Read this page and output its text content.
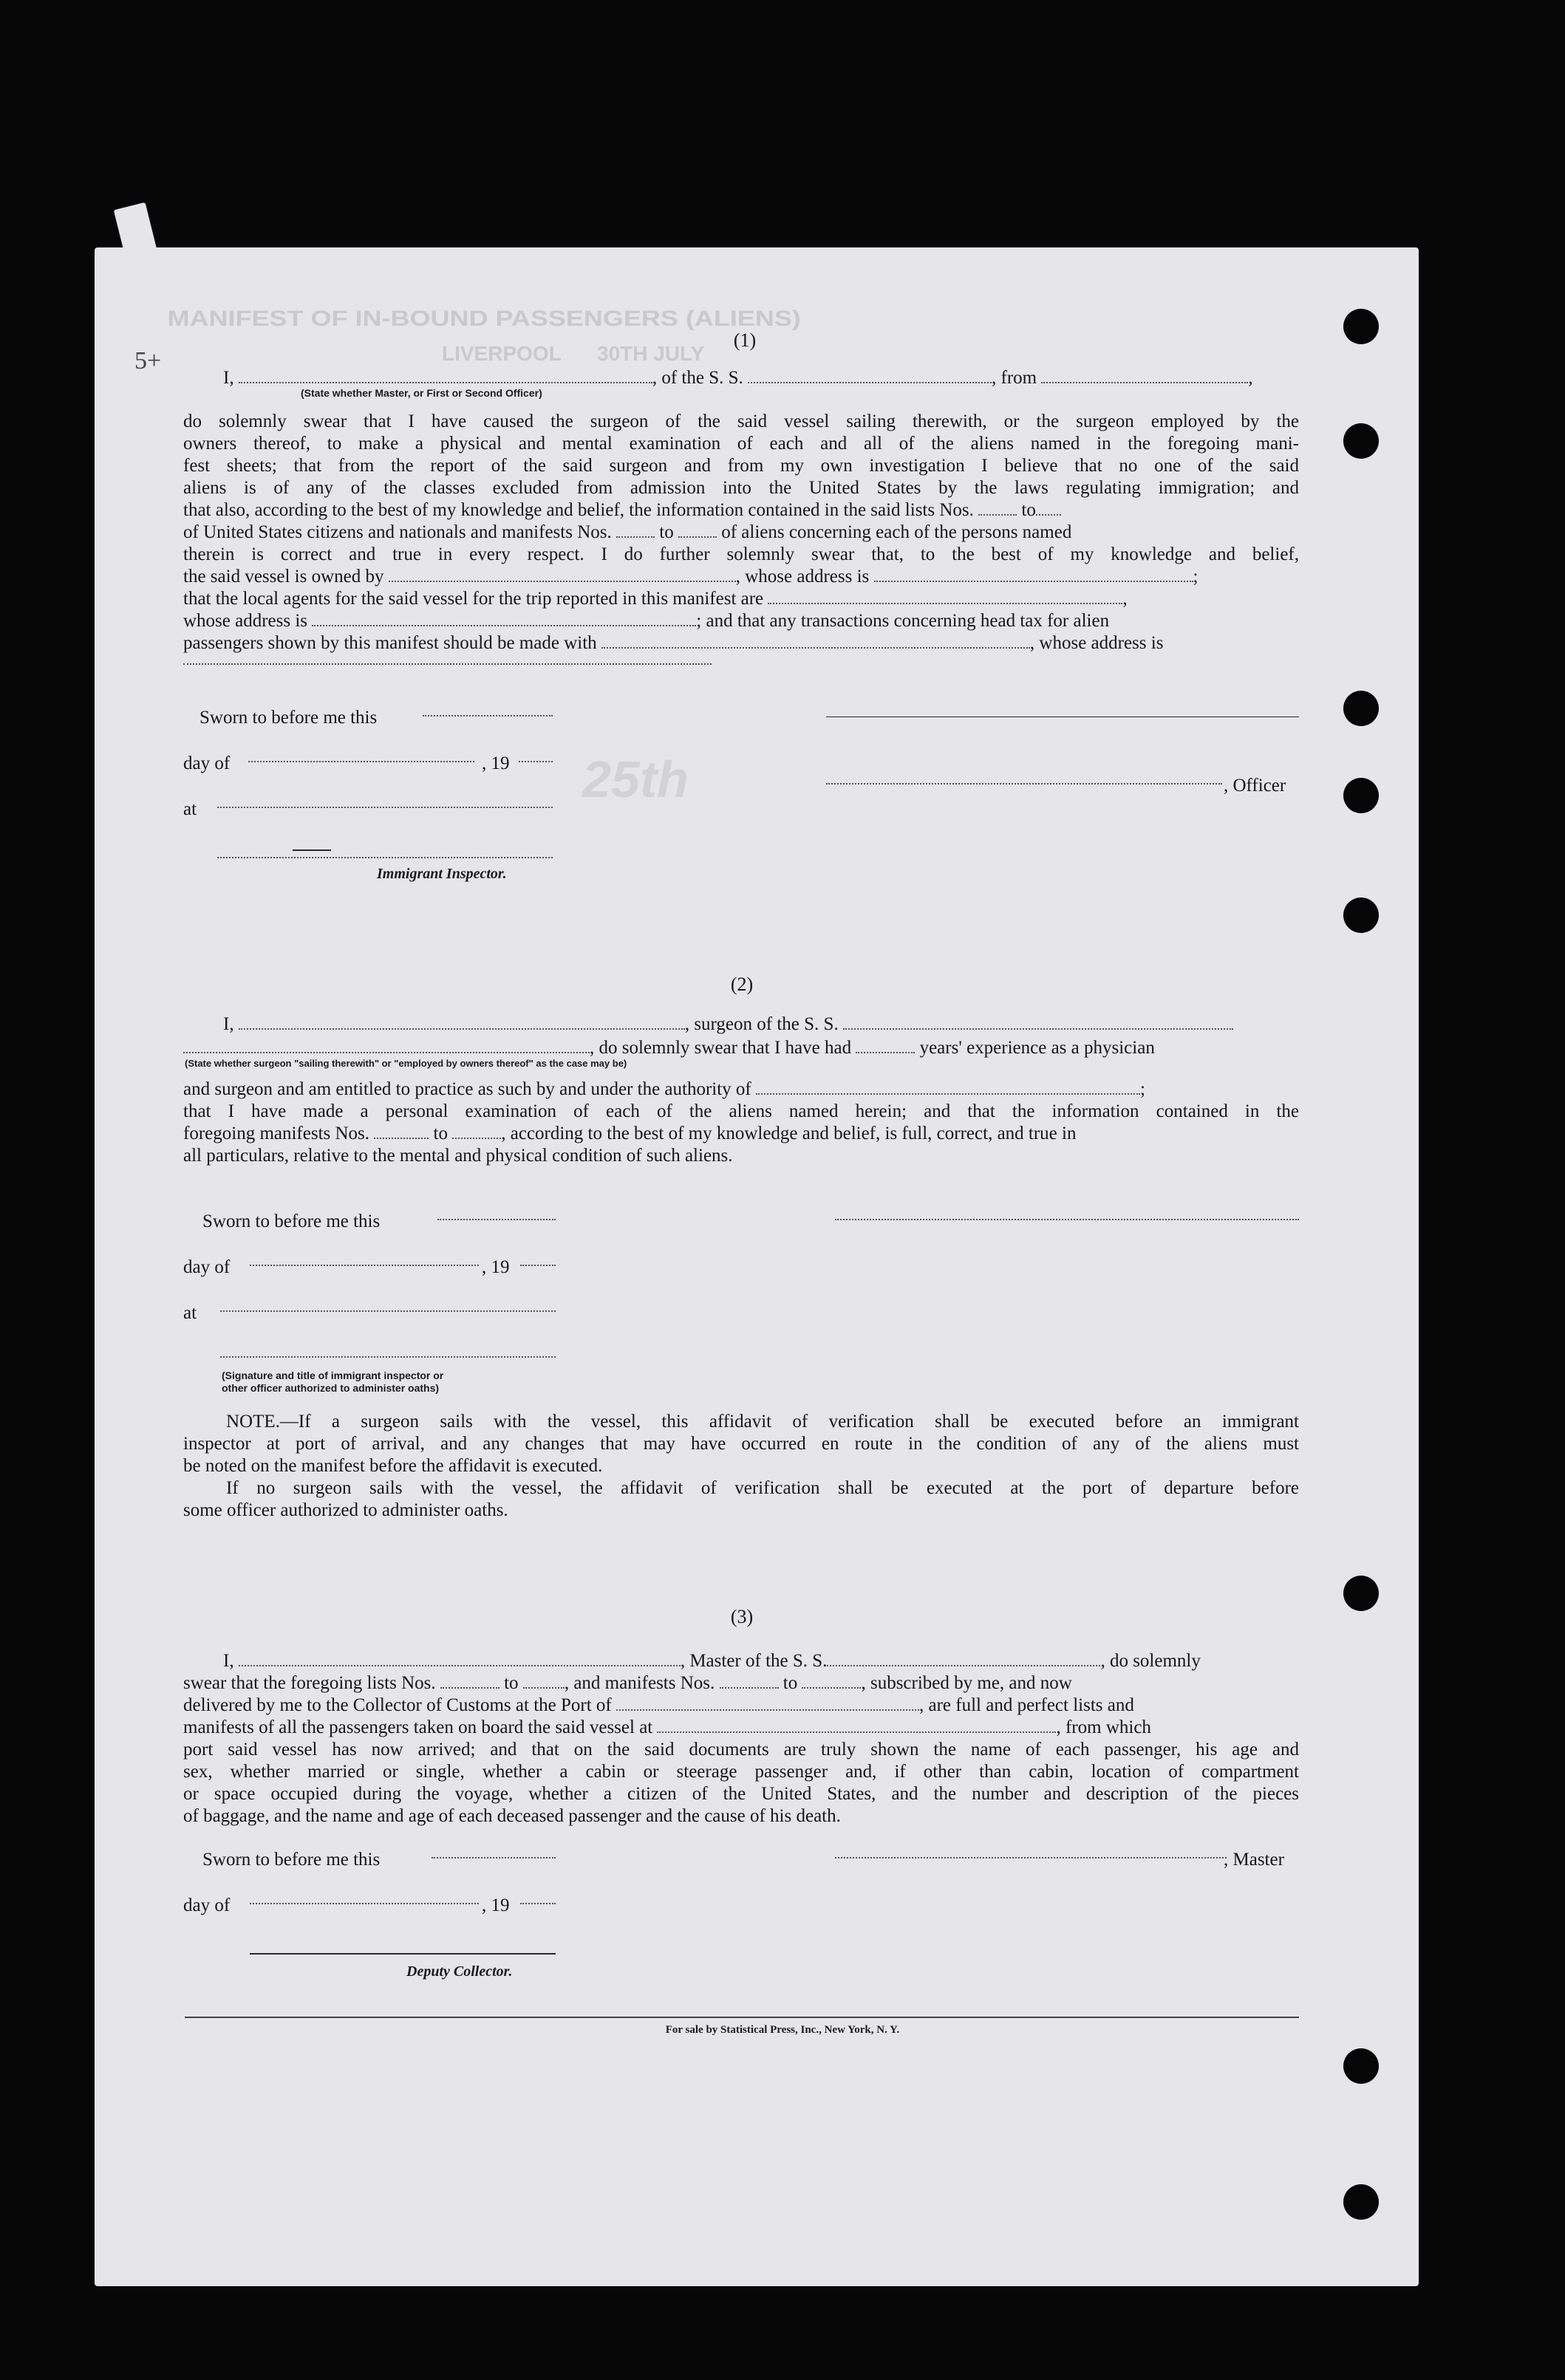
MANIFEST OF IN-BOUND PASSENGERS (ALIENS)
LIVERPOOL 30TH JULY
25th
5+
(1)
I,	, of the S. S.	, from	,
(State whether Master, or First or Second Officer)
do solemnly swear that I have caused the surgeon of the said vessel sailing therewith, or the surgeon employed by the
owners thereof, to make a physical and mental examination of each and all of the aliens named in the foregoing mani-
fest sheets; that from the report of the said surgeon and from my own investigation I believe that no one of the said
aliens is of any of the classes excluded from admission into the United States by the laws regulating immigration; and
that also, according to the best of my knowledge and belief, the information contained in the said lists Nos.	to
of United States citizens and nationals and manifests Nos.	to	of aliens concerning each of the persons named
therein is correct and true in every respect. I do further solemnly swear that, to the best of my knowledge and belief,
the said vessel is owned by	, whose address is	;
that the local agents for the said vessel for the trip reported in this manifest are	,
whose address is	; and that any transactions concerning head tax for alien
passengers shown by this manifest should be made with	, whose address is
Sworn to before me this
day of	, 19
, Officer
at
Immigrant Inspector.
(2)
I,	, surgeon of the S. S.
, do solemnly swear that I have had	years' experience as a physician
(State whether surgeon "sailing therewith" or "employed by owners thereof" as the case may be)
and surgeon and am entitled to practice as such by and under the authority of	;
that I have made a personal examination of each of the aliens named herein; and that the information contained in the
foregoing manifests Nos.	to	, according to the best of my knowledge and belief, is full, correct, and true in
all particulars, relative to the mental and physical condition of such aliens.
Sworn to before me this
day of	, 19
at
(Signature and title of immigrant inspector or
other officer authorized to administer oaths)
NOTE.—If a surgeon sails with the vessel, this affidavit of verification shall be executed before an immigrant
inspector at port of arrival, and any changes that may have occurred en route in the condition of any of the aliens must
be noted on the manifest before the affidavit is executed.
If no surgeon sails with the vessel, the affidavit of verification shall be executed at the port of departure before
some officer authorized to administer oaths.
(3)
I,	, Master of the S. S.	, do solemnly
swear that the foregoing lists Nos.	to , and manifests Nos.	to	, subscribed by me, and now
delivered by me to the Collector of Customs at the Port of	, are full and perfect lists and
manifests of all the passengers taken on board the said vessel at	, from which
port said vessel has now arrived; and that on the said documents are truly shown the name of each passenger, his age and
sex, whether married or single, whether a cabin or steerage passenger and, if other than cabin, location of compartment
or space occupied during the voyage, whether a citizen of the United States, and the number and description of the pieces
of baggage, and the name and age of each deceased passenger and the cause of his death.
Sworn to before me this	, Master
day of	, 19
Deputy Collector.
For sale by Statistical Press, Inc., New York, N. Y.
